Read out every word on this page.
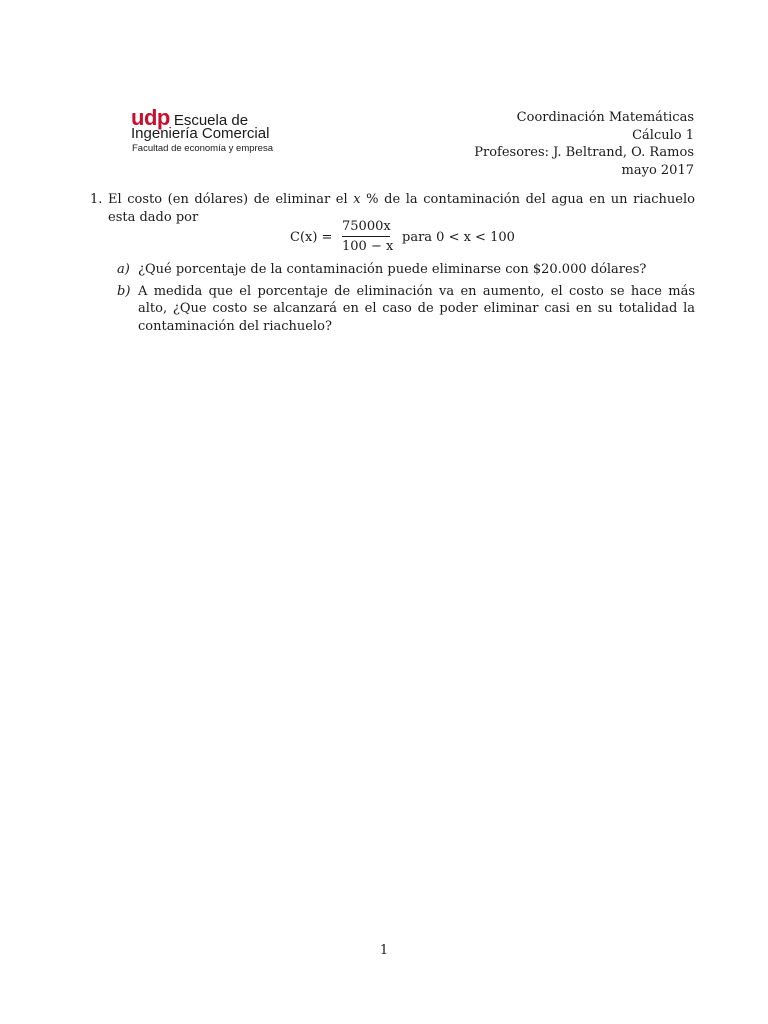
udp Escuela de
Ingeniería Comercial
Facultad de economía y empresa
Coordinación Matemáticas
Cálculo 1
Profesores: J. Beltrand, O. Ramos
mayo 2017
1. El costo (en dólares) de eliminar el x % de la contaminación del agua en un riachuelo esta dado por
C(x) =
75000x
100 − x
para 0 < x < 100
a) ¿Qué porcentaje de la contaminación puede eliminarse con $20.000 dólares?
b) A medida que el porcentaje de eliminación va en aumento, el costo se hace más alto, ¿Que costo se alcanzará en el caso de poder eliminar casi en su totalidad la contaminación del riachuelo?
1
